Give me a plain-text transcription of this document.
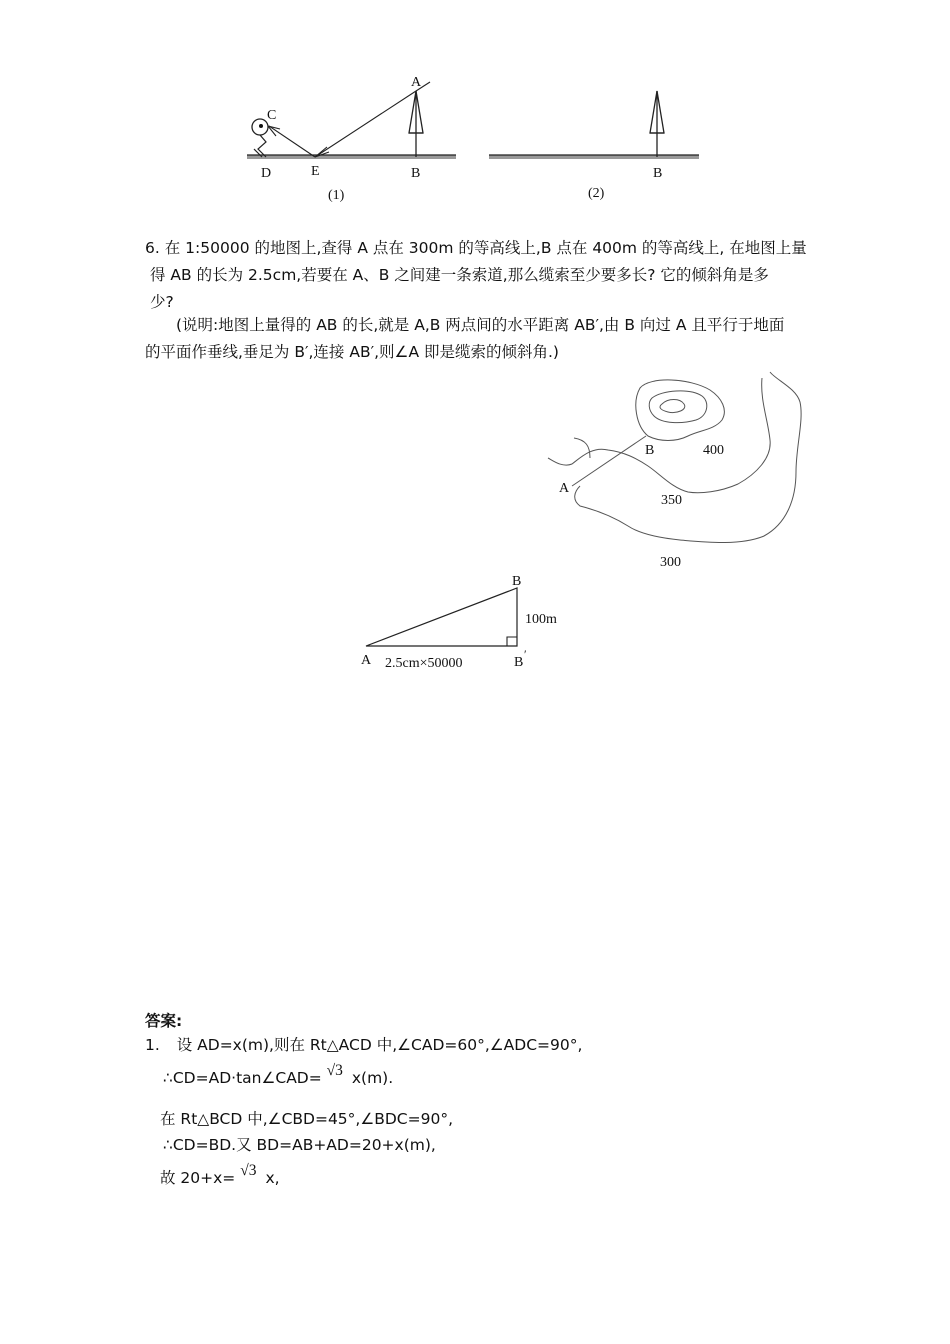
A
C
D	E	B
(1)
B
(2)
6. 在 1:50000 的地图上,查得 A 点在 300m 的等高线上,B 点在 400m 的等高线上, 在地图上量
得 AB 的长为 2.5cm,若要在 A、B 之间建一条索道,那么缆索至少要多长? 它的倾斜角是多
少?
(说明:地图上量得的 AB 的长,就是 A,B 两点间的水平距离 AB′,由 B 向过 A 且平行于地面
的平面作垂线,垂足为 B′,连接 AB′,则∠A 即是缆索的倾斜角.)
B
A
400
350
300
B
100m
A 2.5cm×50000	B
′
答案:
1. 设 AD=x(m),则在 Rt△ACD 中,∠CAD=60°,∠ADC=90°,
∴CD=AD·tan∠CAD= √3 x(m).
在 Rt△BCD 中,∠CBD=45°,∠BDC=90°,
∴CD=BD.又 BD=AB+AD=20+x(m),
故 20+x= √3 x,
